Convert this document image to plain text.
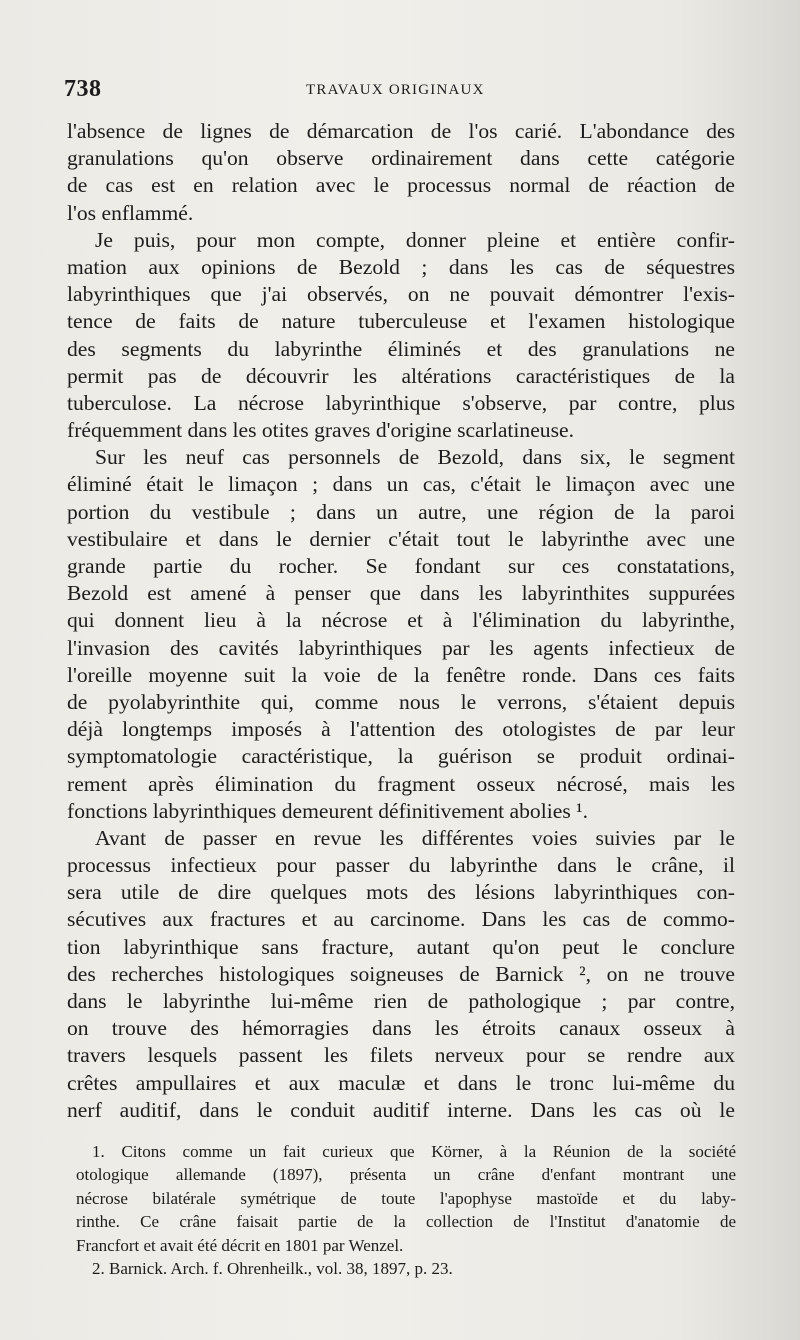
738	TRAVAUX ORIGINAUX
l'absence de lignes de démarcation de l'os carié. L'abondance des
granulations qu'on observe ordinairement dans cette catégorie
de cas est en relation avec le processus normal de réaction de
l'os enflammé.
Je puis, pour mon compte, donner pleine et entière confir-
mation aux opinions de Bezold ; dans les cas de séquestres
labyrinthiques que j'ai observés, on ne pouvait démontrer l'exis-
tence de faits de nature tuberculeuse et l'examen histologique
des segments du labyrinthe éliminés et des granulations ne
permit pas de découvrir les altérations caractéristiques de la
tuberculose. La nécrose labyrinthique s'observe, par contre, plus
fréquemment dans les otites graves d'origine scarlatineuse.
Sur les neuf cas personnels de Bezold, dans six, le segment
éliminé était le limaçon ; dans un cas, c'était le limaçon avec une
portion du vestibule ; dans un autre, une région de la paroi
vestibulaire et dans le dernier c'était tout le labyrinthe avec une
grande partie du rocher. Se fondant sur ces constatations,
Bezold est amené à penser que dans les labyrinthites suppurées
qui donnent lieu à la nécrose et à l'élimination du labyrinthe,
l'invasion des cavités labyrinthiques par les agents infectieux de
l'oreille moyenne suit la voie de la fenêtre ronde. Dans ces faits
de pyolabyrinthite qui, comme nous le verrons, s'étaient depuis
déjà longtemps imposés à l'attention des otologistes de par leur
symptomatologie caractéristique, la guérison se produit ordinai-
rement après élimination du fragment osseux nécrosé, mais les
fonctions labyrinthiques demeurent définitivement abolies ¹.
Avant de passer en revue les différentes voies suivies par le
processus infectieux pour passer du labyrinthe dans le crâne, il
sera utile de dire quelques mots des lésions labyrinthiques con-
sécutives aux fractures et au carcinome. Dans les cas de commo-
tion labyrinthique sans fracture, autant qu'on peut le conclure
des recherches histologiques soigneuses de Barnick ², on ne trouve
dans le labyrinthe lui-même rien de pathologique ; par contre,
on trouve des hémorragies dans les étroits canaux osseux à
travers lesquels passent les filets nerveux pour se rendre aux
crêtes ampullaires et aux maculæ et dans le tronc lui-même du
nerf auditif, dans le conduit auditif interne. Dans les cas où le
1. Citons comme un fait curieux que Körner, à la Réunion de la société
otologique allemande (1897), présenta un crâne d'enfant montrant une
nécrose bilatérale symétrique de toute l'apophyse mastoïde et du laby-
rinthe. Ce crâne faisait partie de la collection de l'Institut d'anatomie de
Francfort et avait été décrit en 1801 par Wenzel.
2. Barnick. Arch. f. Ohrenheilk., vol. 38, 1897, p. 23.
